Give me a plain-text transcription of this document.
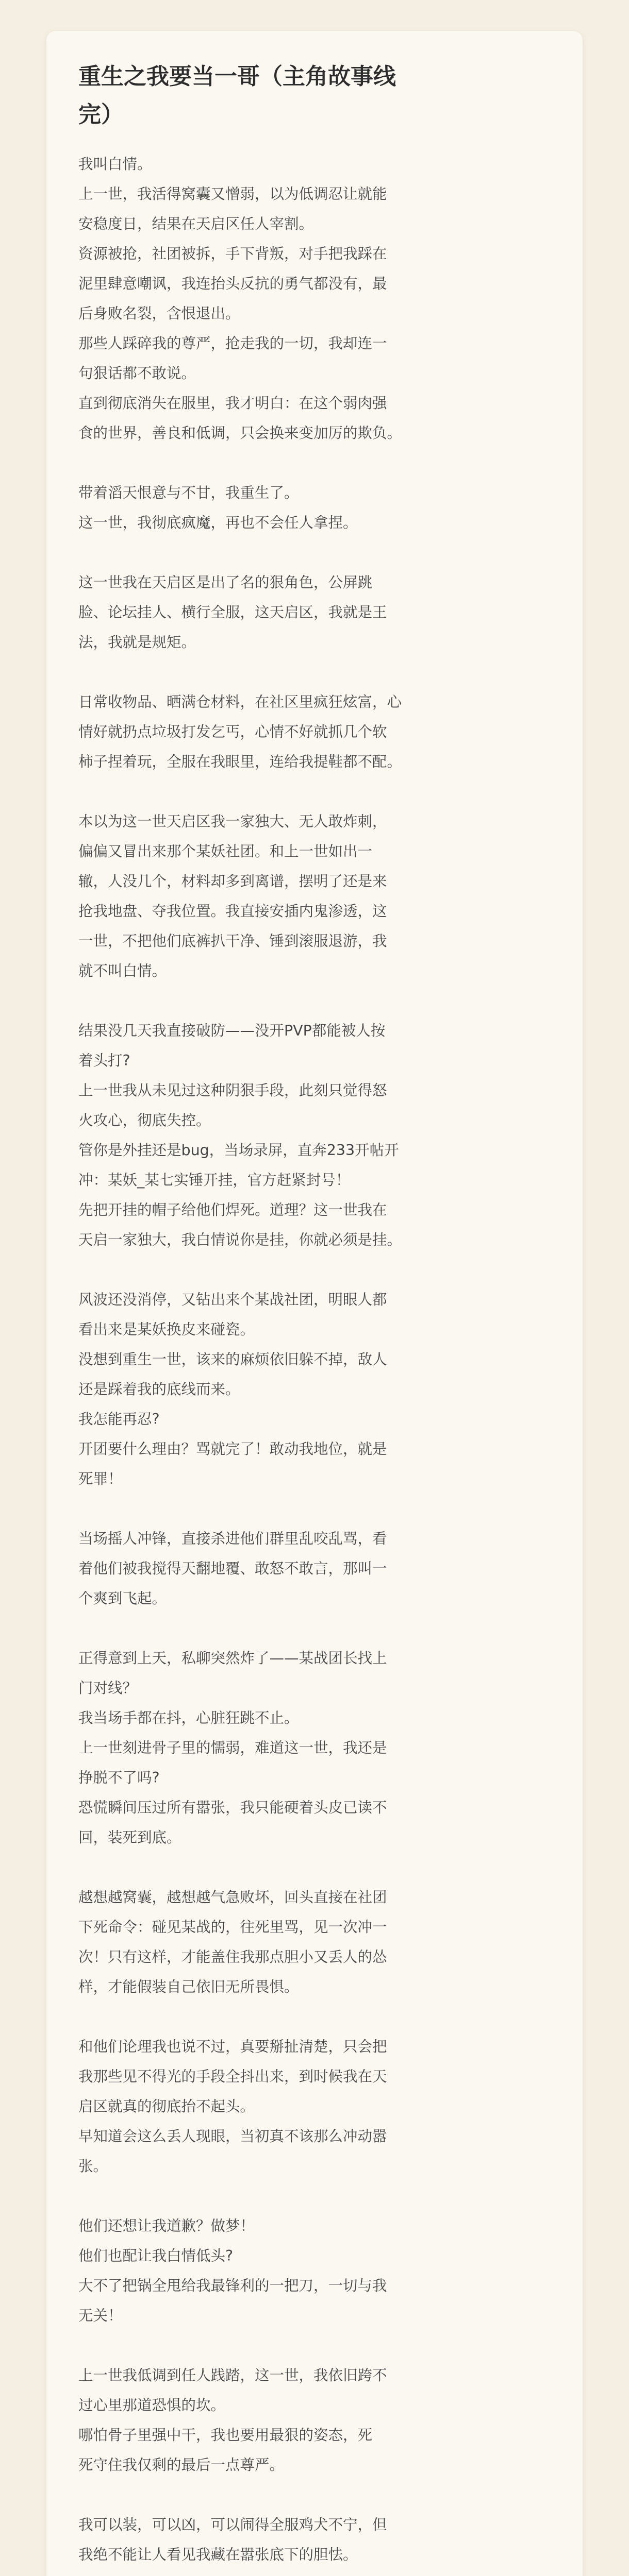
重生之我要当一哥（主角故事线
完）
我叫白情。
上一世，我活得窝囊又憎弱，以为低调忍让就能
安稳度日，结果在天启区任人宰割。
资源被抢，社团被拆，手下背叛，对手把我踩在
泥里肆意嘲讽，我连抬头反抗的勇气都没有，最
后身败名裂，含恨退出。
那些人踩碎我的尊严，抢走我的一切，我却连一
句狠话都不敢说。
直到彻底消失在服里，我才明白：在这个弱肉强
食的世界，善良和低调，只会换来变加厉的欺负。
带着滔天恨意与不甘，我重生了。
这一世，我彻底疯魔，再也不会任人拿捏。
这一世我在天启区是出了名的狠角色，公屏跳
脸、论坛挂人、横行全服，这天启区，我就是王
法，我就是规矩。
日常收物品、晒满仓材料，在社区里疯狂炫富，心
情好就扔点垃圾打发乞丐，心情不好就抓几个软
柿子捏着玩，全服在我眼里，连给我提鞋都不配。
本以为这一世天启区我一家独大、无人敢炸刺，
偏偏又冒出来那个某妖社团。和上一世如出一
辙，人没几个，材料却多到离谱，摆明了还是来
抢我地盘、夺我位置。我直接安插内鬼渗透，这
一世，不把他们底裤扒干净、锤到滚服退游，我
就不叫白情。
结果没几天我直接破防——没开PVP都能被人按
着头打?
上一世我从未见过这种阴狠手段，此刻只觉得怒
火攻心，彻底失控。
管你是外挂还是bug，当场录屏，直奔233开帖开
冲：某妖_某七实锤开挂，官方赶紧封号！
先把开挂的帽子给他们焊死。道理？这一世我在
天启一家独大，我白情说你是挂，你就必须是挂。
风波还没消停，又钻出来个某战社团，明眼人都
看出来是某妖换皮来碰瓷。
没想到重生一世，该来的麻烦依旧躲不掉，敌人
还是踩着我的底线而来。
我怎能再忍?
开团要什么理由？骂就完了！敢动我地位，就是
死罪！
当场摇人冲锋，直接杀进他们群里乱咬乱骂，看
着他们被我搅得天翻地覆、敢怒不敢言，那叫一
个爽到飞起。
正得意到上天，私聊突然炸了——某战团长找上
门对线？
我当场手都在抖，心脏狂跳不止。
上一世刻进骨子里的懦弱，难道这一世，我还是
挣脱不了吗?
恐慌瞬间压过所有嚣张，我只能硬着头皮已读不
回，装死到底。
越想越窝囊，越想越气急败坏，回头直接在社团
下死命令：碰见某战的，往死里骂，见一次冲一
次！只有这样，才能盖住我那点胆小又丢人的怂
样，才能假装自己依旧无所畏惧。
和他们论理我也说不过，真要掰扯清楚，只会把
我那些见不得光的手段全抖出来，到时候我在天
启区就真的彻底抬不起头。
早知道会这么丢人现眼，当初真不该那么冲动嚣
张。
他们还想让我道歉？做梦！
他们也配让我白情低头?
大不了把锅全甩给我最锋利的一把刀，一切与我
无关！
上一世我低调到任人践踏，这一世，我依旧跨不
过心里那道恐惧的坎。
哪怕骨子里强中干，我也要用最狠的姿态，死
死守住我仅剩的最后一点尊严。
我可以装，可以凶，可以闹得全服鸡犬不宁，但
我绝不能让人看见我藏在嚣张底下的胆怯。
